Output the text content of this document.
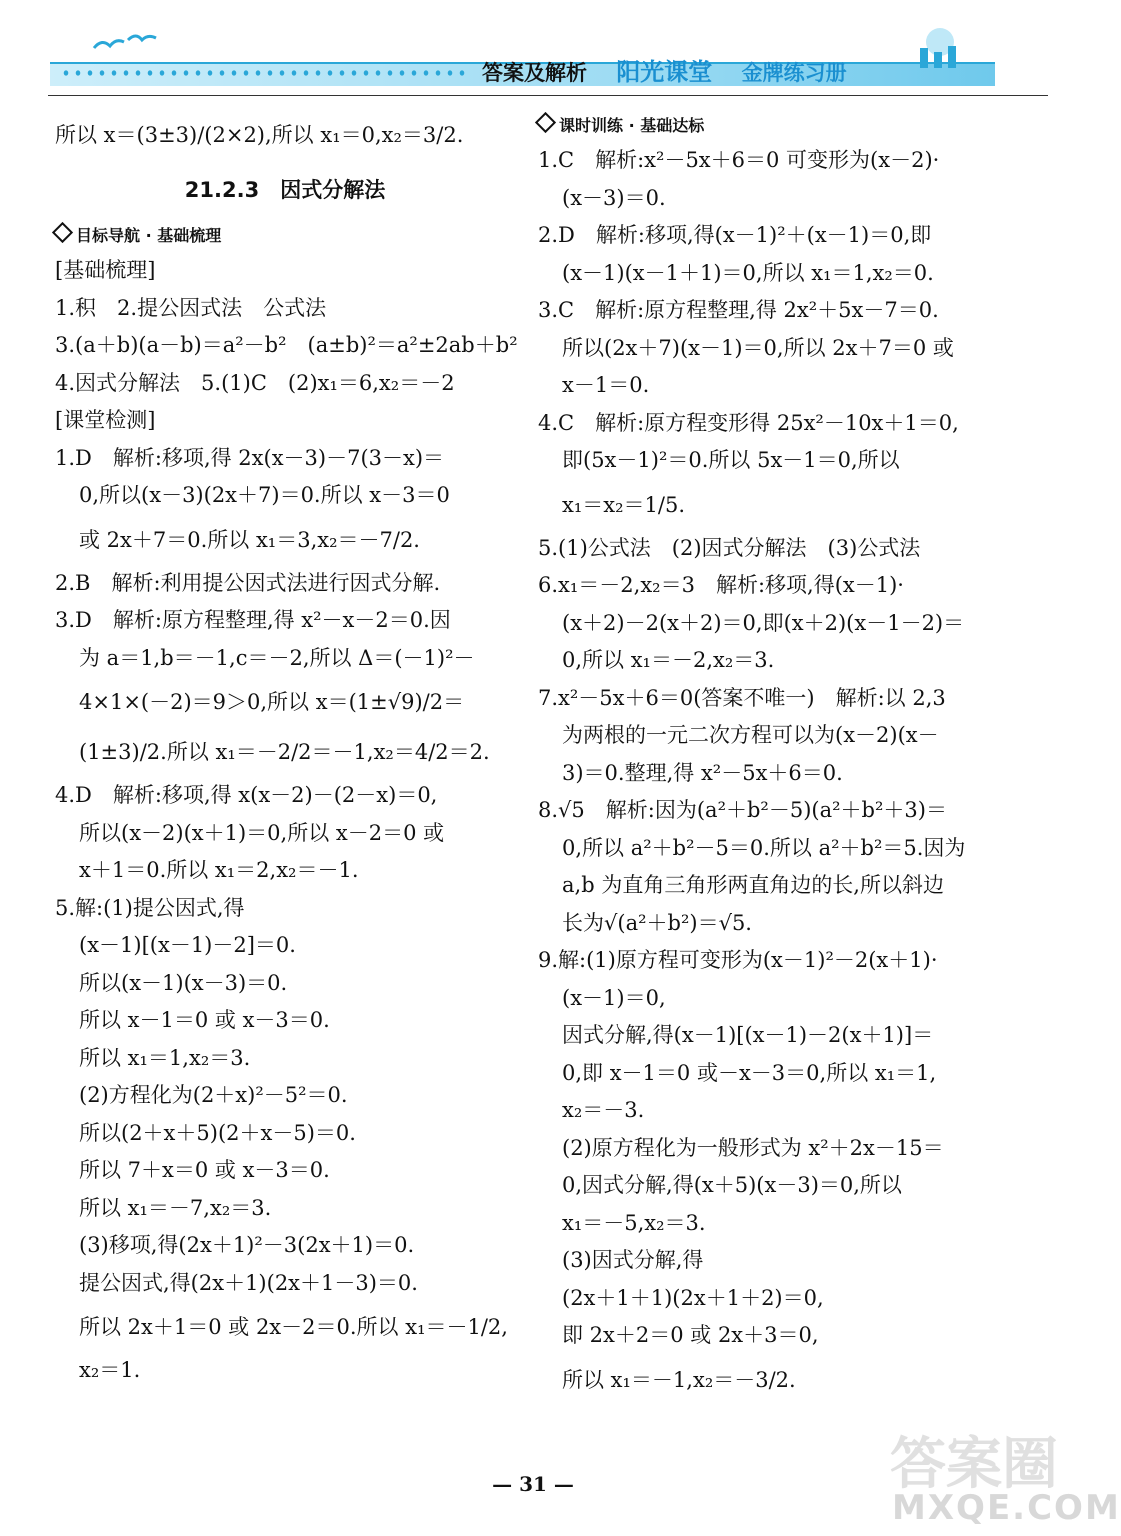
答案及解析 阳光课堂 金牌练习册
所以 x＝(3±3)/(2×2),所以 x₁＝0,x₂＝3/2.
21.2.3　因式分解法
目标导航 · 基础梳理
[基础梳理]
1.积　2.提公因式法　公式法
3.(a＋b)(a－b)＝a²－b²　(a±b)²＝a²±2ab＋b²
4.因式分解法　5.(1)C　(2)x₁＝6,x₂＝－2
[课堂检测]
1.D　解析:移项,得 2x(x－3)－7(3－x)＝
0,所以(x－3)(2x＋7)＝0.所以 x－3＝0
或 2x＋7＝0.所以 x₁＝3,x₂＝－7/2.
2.B　解析:利用提公因式法进行因式分解.
3.D　解析:原方程整理,得 x²－x－2＝0.因
为 a＝1,b＝－1,c＝－2,所以 Δ＝(－1)²－
4×1×(－2)＝9＞0,所以 x＝(1±√9)/2＝
(1±3)/2.所以 x₁＝－2/2＝－1,x₂＝4/2＝2.
4.D　解析:移项,得 x(x－2)－(2－x)＝0,
所以(x－2)(x＋1)＝0,所以 x－2＝0 或
x＋1＝0.所以 x₁＝2,x₂＝－1.
5.解:(1)提公因式,得
(x－1)[(x－1)－2]＝0.
所以(x－1)(x－3)＝0.
所以 x－1＝0 或 x－3＝0.
所以 x₁＝1,x₂＝3.
(2)方程化为(2＋x)²－5²＝0.
所以(2＋x＋5)(2＋x－5)＝0.
所以 7＋x＝0 或 x－3＝0.
所以 x₁＝－7,x₂＝3.
(3)移项,得(2x＋1)²－3(2x＋1)＝0.
提公因式,得(2x＋1)(2x＋1－3)＝0.
所以 2x＋1＝0 或 2x－2＝0.所以 x₁＝－1/2,
x₂＝1.
课时训练 · 基础达标
1.C　解析:x²－5x＋6＝0 可变形为(x－2)·
(x－3)＝0.
2.D　解析:移项,得(x－1)²＋(x－1)＝0,即
(x－1)(x－1＋1)＝0,所以 x₁＝1,x₂＝0.
3.C　解析:原方程整理,得 2x²＋5x－7＝0.
所以(2x＋7)(x－1)＝0,所以 2x＋7＝0 或
x－1＝0.
4.C　解析:原方程变形得 25x²－10x＋1＝0,
即(5x－1)²＝0.所以 5x－1＝0,所以
x₁＝x₂＝1/5.
5.(1)公式法　(2)因式分解法　(3)公式法
6.x₁＝－2,x₂＝3　解析:移项,得(x－1)·
(x＋2)－2(x＋2)＝0,即(x＋2)(x－1－2)＝
0,所以 x₁＝－2,x₂＝3.
7.x²－5x＋6＝0(答案不唯一)　解析:以 2,3
为两根的一元二次方程可以为(x－2)(x－
3)＝0.整理,得 x²－5x＋6＝0.
8.√5　解析:因为(a²＋b²－5)(a²＋b²＋3)＝
0,所以 a²＋b²－5＝0.所以 a²＋b²＝5.因为
a,b 为直角三角形两直角边的长,所以斜边
长为√(a²＋b²)＝√5.
9.解:(1)原方程可变形为(x－1)²－2(x＋1)·
(x－1)＝0,
因式分解,得(x－1)[(x－1)－2(x＋1)]＝
0,即 x－1＝0 或－x－3＝0,所以 x₁＝1,
x₂＝－3.
(2)原方程化为一般形式为 x²＋2x－15＝
0,因式分解,得(x＋5)(x－3)＝0,所以
x₁＝－5,x₂＝3.
(3)因式分解,得
(2x＋1＋1)(2x＋1＋2)＝0,
即 2x＋2＝0 或 2x＋3＝0,
所以 x₁＝－1,x₂＝－3/2.
答案圈
— 31 —
MXQE.COM
